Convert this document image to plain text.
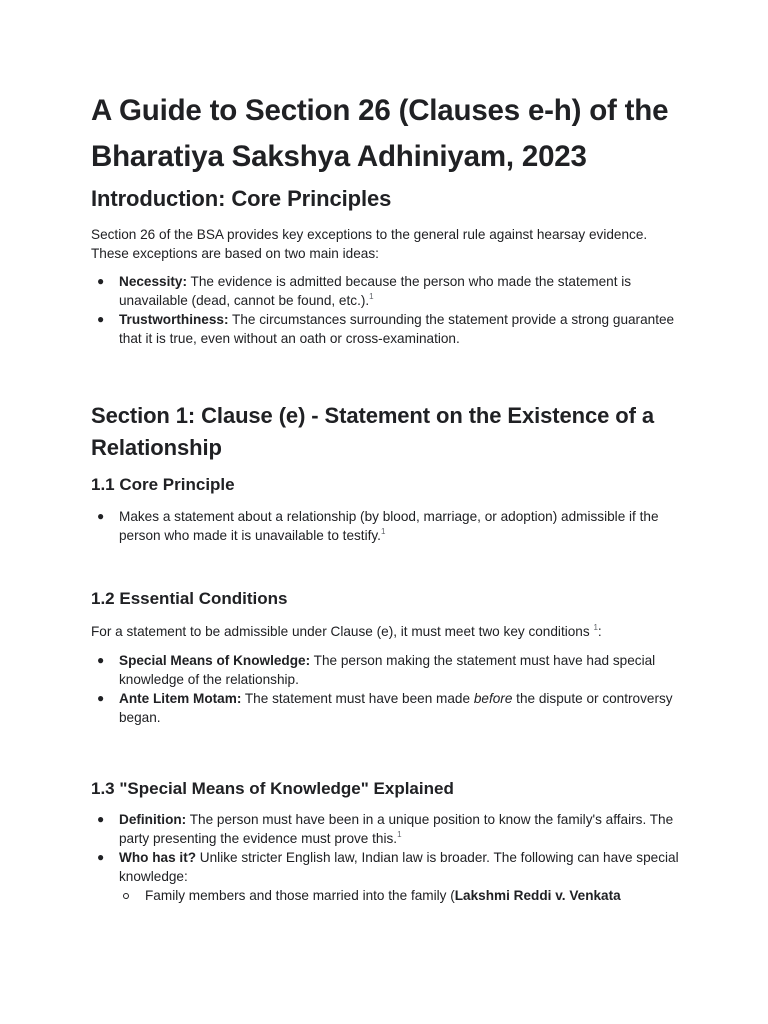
A Guide to Section 26 (Clauses e-h) of the Bharatiya Sakshya Adhiniyam, 2023
Introduction: Core Principles

Section 26 of the BSA provides key exceptions to the general rule against hearsay evidence. These exceptions are based on two main ideas:

● Necessity: The evidence is admitted because the person who made the statement is unavailable (dead, cannot be found, etc.).$^1$
● Trustworthiness: The circumstances surrounding the statement provide a strong guarantee that it is true, even without an oath or cross-examination.
Section 1: Clause (e) - Statement on the Existence of a Relationship
1.1 Core Principle
● Makes a statement about a relationship (by blood, marriage, or adoption) admissible if the person who made it is unavailable to testify.$^1$
1.2 Essential Conditions

For a statement to be admissible under Clause (e), it must meet two key conditions $^1$:

● Special Means of Knowledge: The person making the statement must have had special knowledge of the relationship.
● Ante Litem Motam: The statement must have been made before the dispute or controversy began.
1.3 "Special Means of Knowledge" Explained
● Definition: The person must have been in a unique position to know the family's affairs. The party presenting the evidence must prove this.$^1$
● Who has it? Unlike stricter English law, Indian law is broader. The following can have special knowledge:
Family members and those married into the family (Lakshmi Reddi v. Venkata
